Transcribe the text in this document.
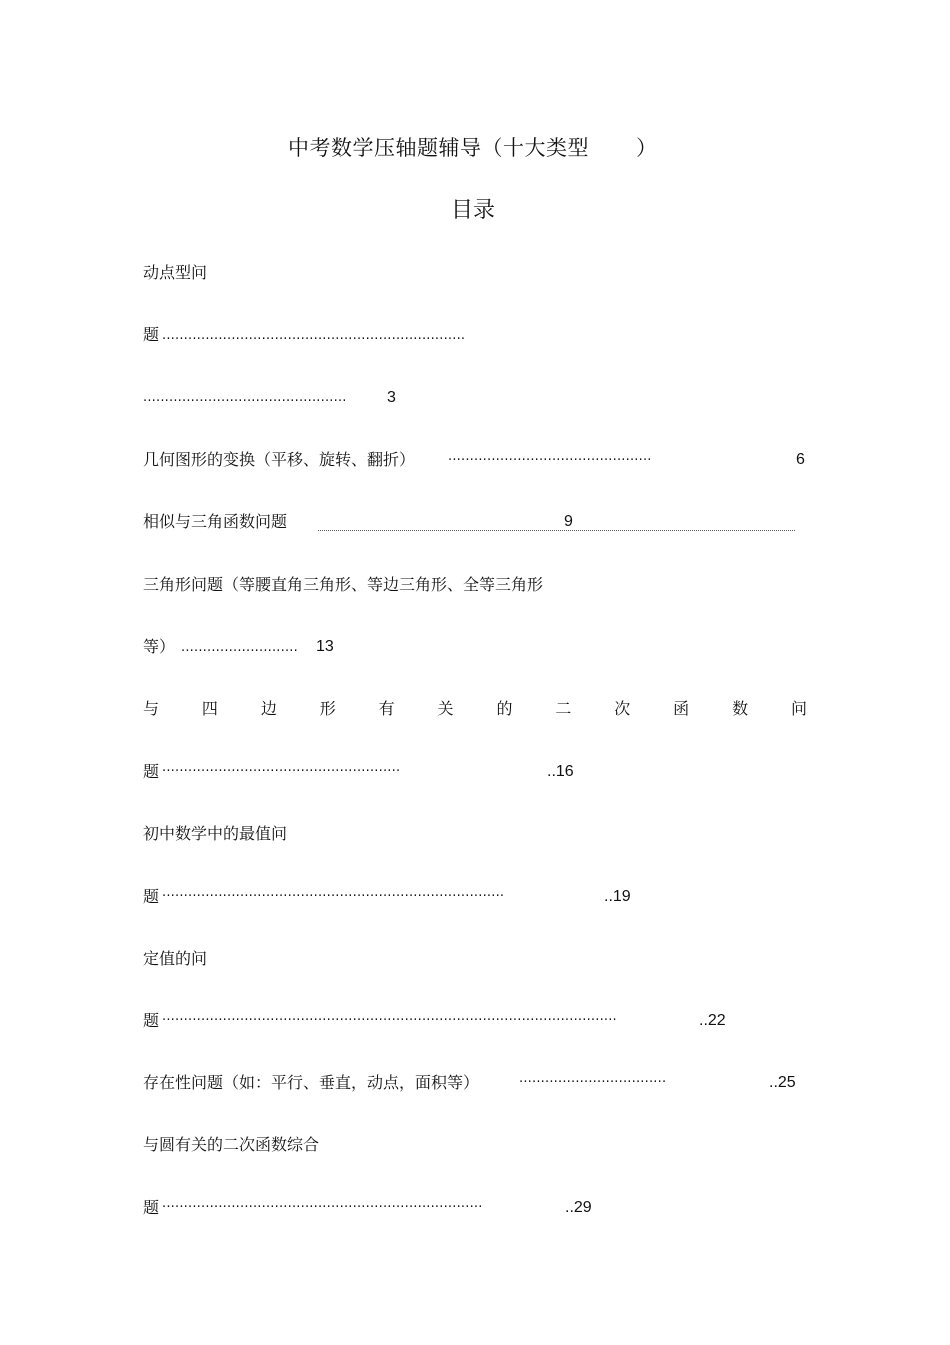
中考数学压轴题辅导（十大类型 ）
目录
动点型问
题 ......................................................................
...............................................	3
几何图形的变换（平移、旋转、翻折）	···············································	6
相似与三角函数问题	9
三角形问题（等腰直角三角形、等边三角形、全等三角形
等） ...........................	13
与	四	边	形	有	关	的	二	次	函	数	问
题 ·······················································	..16
初中数学中的最值问
题 ···············································································	..19
定值的问
题 ·········································································································	..22
存在性问题（如：平行、垂直，动点，面积等）	··································	..25
与圆有关的二次函数综合
题 ··········································································	..29
